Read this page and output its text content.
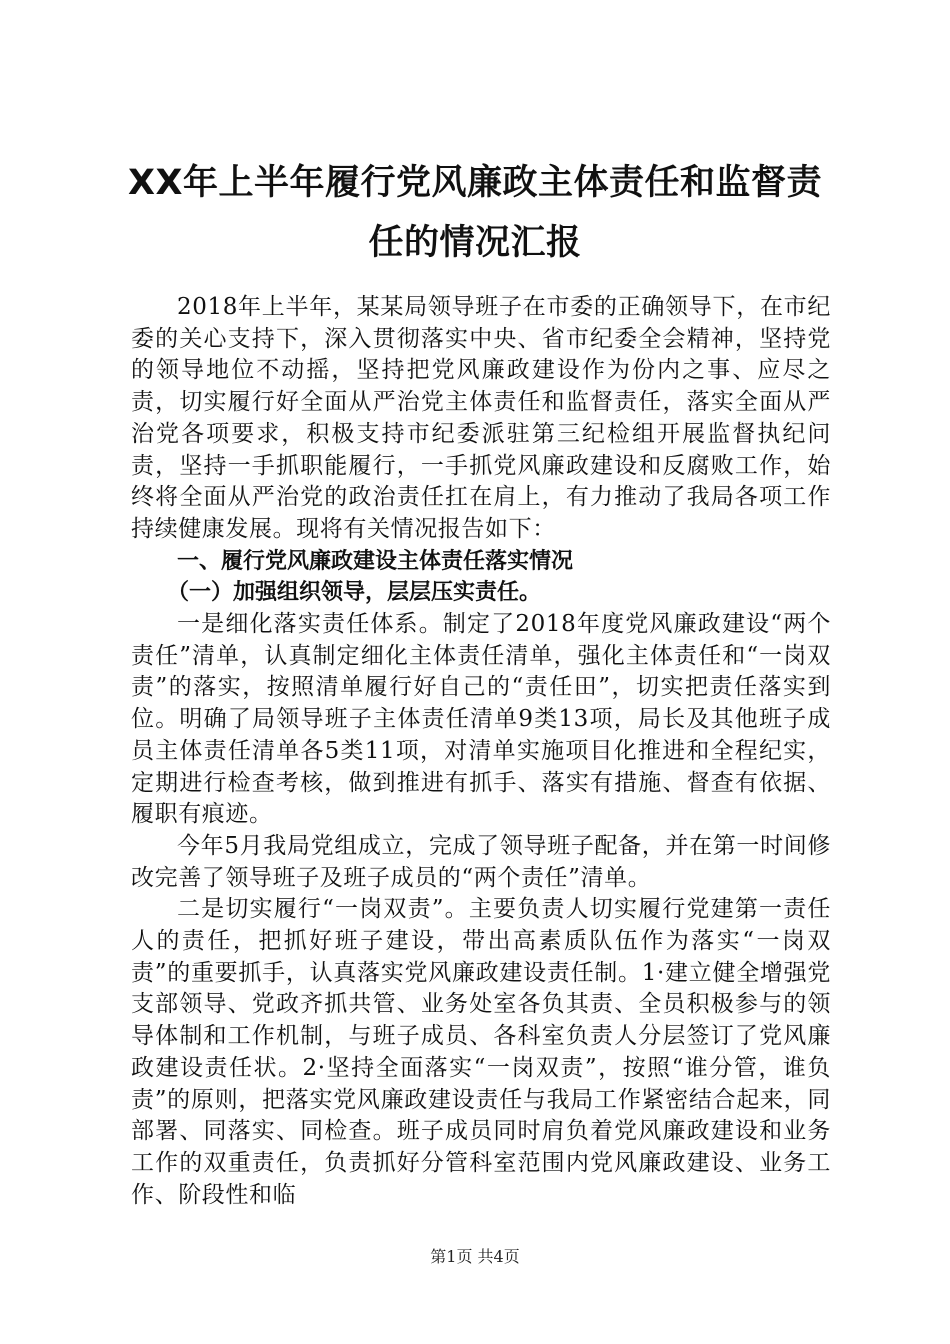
XX年上半年履行党风廉政主体责任和监督责
任的情况汇报

2018年上半年，某某局领导班子在市委的正确领导下，在市纪委的关心支持下，深入贯彻落实中央、省市纪委全会精神，坚持党的领导地位不动摇，坚持把党风廉政建设作为份内之事、应尽之责，切实履行好全面从严治党主体责任和监督责任，落实全面从严治党各项要求，积极支持市纪委派驻第三纪检组开展监督执纪问责，坚持一手抓职能履行，一手抓党风廉政建设和反腐败工作，始终将全面从严治党的政治责任扛在肩上，有力推动了我局各项工作持续健康发展。现将有关情况报告如下：

一、履行党风廉政建设主体责任落实情况

（一）加强组织领导，层层压实责任。

一是细化落实责任体系。制定了2018年度党风廉政建设“两个责任”清单，认真制定细化主体责任清单，强化主体责任和“一岗双责”的落实，按照清单履行好自己的“责任田”，切实把责任落实到位。明确了局领导班子主体责任清单9类13项，局长及其他班子成员主体责任清单各5类11项，对清单实施项目化推进和全程纪实，定期进行检查考核，做到推进有抓手、落实有措施、督查有依据、履职有痕迹。

今年5月我局党组成立，完成了领导班子配备，并在第一时间修改完善了领导班子及班子成员的“两个责任”清单。

二是切实履行“一岗双责”。主要负责人切实履行党建第一责任人的责任，把抓好班子建设，带出高素质队伍作为落实“一岗双责”的重要抓手，认真落实党风廉政建设责任制。1·建立健全增强党支部领导、党政齐抓共管、业务处室各负其责、全员积极参与的领导体制和工作机制，与班子成员、各科室负责人分层签订了党风廉政建设责任状。2·坚持全面落实“一岗双责”，按照“谁分管，谁负责”的原则，把落实党风廉政建设责任与我局工作紧密结合起来，同部署、同落实、同检查。班子成员同时肩负着党风廉政建设和业务工作的双重责任，负责抓好分管科室范围内党风廉政建设、业务工作、阶段性和临

第1页 共4页
